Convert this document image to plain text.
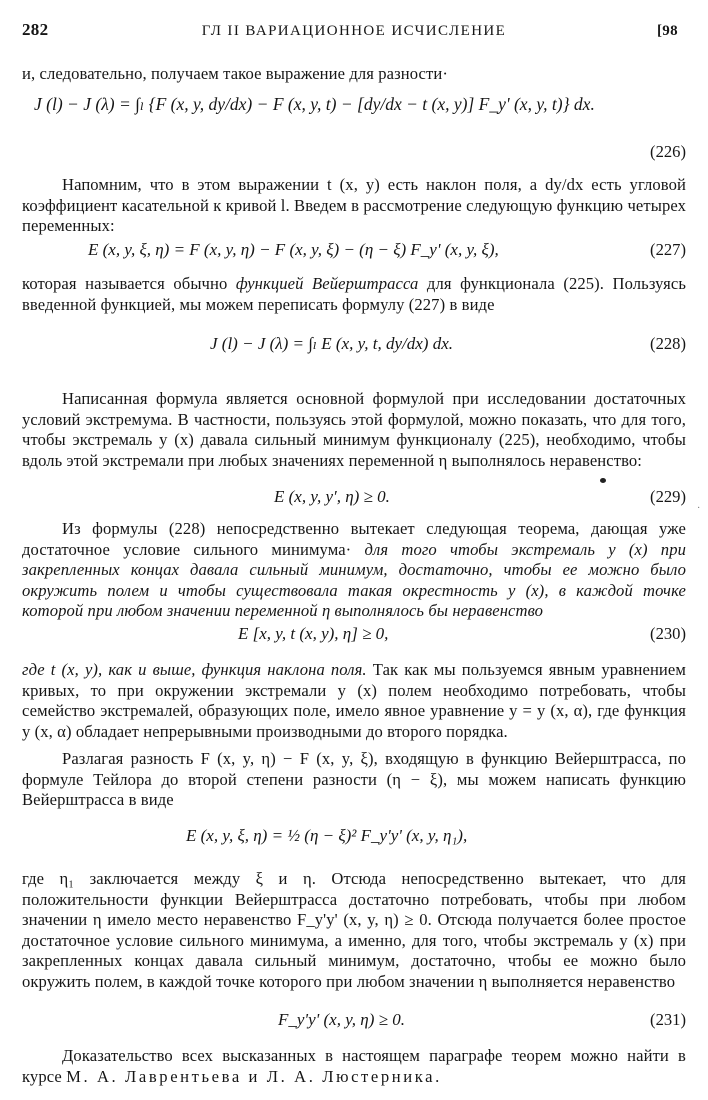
282	ГЛ II ВАРИАЦИОННОЕ ИСЧИСЛЕНИЕ	[98
и, следовательно, получаем такое выражение для разности·
J (l) − J (λ) = ∫ₗ {F (x, y, dy/dx) − F (x, y, t) − [dy/dx − t (x, y)] F_y' (x, y, t)} dx.
(226)
Напомним, что в этом выражении t (x, y) есть наклон поля, а dy/dx есть угловой коэффициент касательной к кривой l. Введем в рассмотрение следующую функцию четырех переменных:
E (x, y, ξ, η) = F (x, y, η) − F (x, y, ξ) − (η − ξ) F_y' (x, y, ξ),	(227)
которая называется обычно функцией Вейерштрасса для функционала (225). Пользуясь введенной функцией, мы можем переписать формулу (227) в виде
J (l) − J (λ) = ∫ₗ E (x, y, t, dy/dx) dx.	(228)
Написанная формула является основной формулой при исследовании достаточных условий экстремума. В частности, пользуясь этой формулой, можно показать, что для того, чтобы экстремаль y (x) давала сильный минимум функционалу (225), необходимо, чтобы вдоль этой экстремали при любых значениях переменной η выполнялось неравенство:
E (x, y, y′, η) ≥ 0.	(229)
·
Из формулы (228) непосредственно вытекает следующая теорема, дающая уже достаточное условие сильного минимума· для того чтобы экстремаль y (x) при закрепленных концах давала сильный минимум, достаточно, чтобы ее можно было окружить полем и чтобы существовала такая окрестность y (x), в каждой точке которой при любом значении переменной η выполнялось бы неравенство
E [x, y, t (x, y), η] ≥ 0,	(230)
где t (x, y), как и выше, функция наклона поля. Так как мы пользуемся явным уравнением кривых, то при окружении экстремали y (x) полем необходимо потребовать, чтобы семейство экстремалей, образующих поле, имело явное уравнение y = y (x, α), где функция y (x, α) обладает непрерывными производными до второго порядка.
Разлагая разность F (x, y, η) − F (x, y, ξ), входящую в функцию Вейерштрасса, по формуле Тейлора до второй степени разности (η − ξ), мы можем написать функцию Вейерштрасса в виде
E (x, y, ξ, η) = ½ (η − ξ)² F_y'y' (x, y, η₁),
где η₁ заключается между ξ и η. Отсюда непосредственно вытекает, что для положительности функции Вейерштрасса достаточно потребовать, чтобы при любом значении η имело место неравенство F_y'y' (x, y, η) ≥ 0. Отсюда получается более простое достаточное условие сильного минимума, а именно, для того, чтобы экстремаль y (x) при закрепленных концах давала сильный минимум, достаточно, чтобы ее можно было окружить полем, в каждой точке которого при любом значении η выполняется неравенство
F_y'y' (x, y, η) ≥ 0.	(231)
Доказательство всех высказанных в настоящем параграфе теорем можно найти в курсе М. А. Лаврентьева и Л. А. Люстерника.
